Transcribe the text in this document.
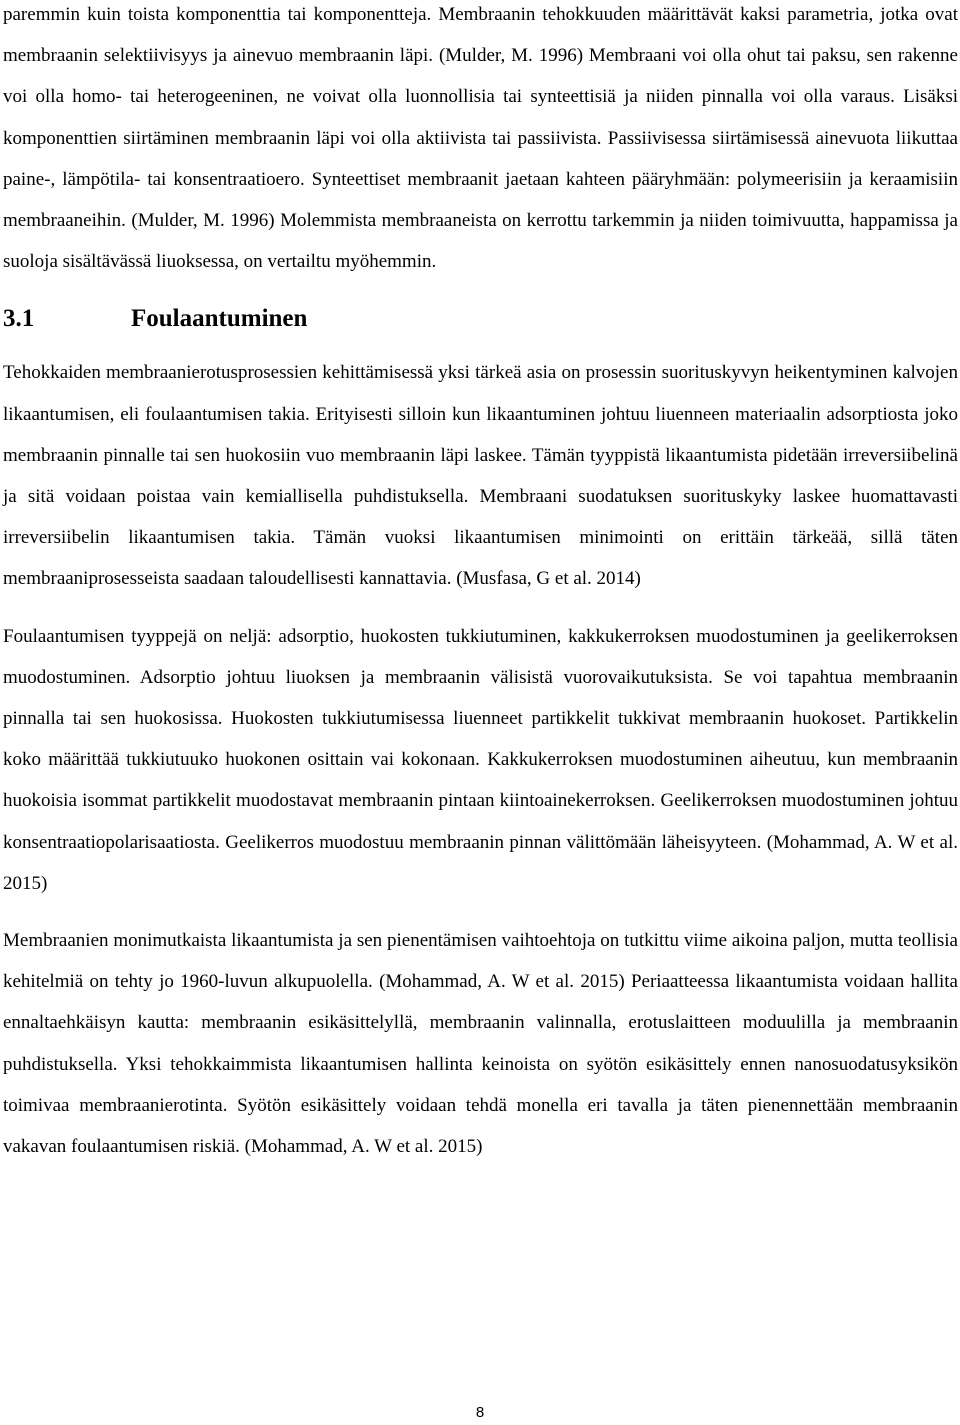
paremmin kuin toista komponenttia tai komponentteja. Membraanin tehokkuuden määrittävät kaksi parametria, jotka ovat membraanin selektiivisyys ja ainevuo membraanin läpi. (Mulder, M. 1996) Membraani voi olla ohut tai paksu, sen rakenne voi olla homo- tai heterogeeninen, ne voivat olla luonnollisia tai synteettisiä ja niiden pinnalla voi olla varaus. Lisäksi komponenttien siirtäminen membraanin läpi voi olla aktiivista tai passiivista. Passiivisessa siirtämisessä ainevuota liikuttaa paine-, lämpötila- tai konsentraatioero. Synteettiset membraanit jaetaan kahteen pääryhmään: polymeerisiin ja keraamisiin membraaneihin. (Mulder, M. 1996) Molemmista membraaneista on kerrottu tarkemmin ja niiden toimivuutta, happamissa ja suoloja sisältävässä liuoksessa, on vertailtu myöhemmin.

3.1	Foulaantuminen

Tehokkaiden membraanierotusprosessien kehittämisessä yksi tärkeä asia on prosessin suorituskyvyn heikentyminen kalvojen likaantumisen, eli foulaantumisen takia. Erityisesti silloin kun likaantuminen johtuu liuenneen materiaalin adsorptiosta joko membraanin pinnalle tai sen huokosiin vuo membraanin läpi laskee. Tämän tyyppistä likaantumista pidetään irreversiibelinä ja sitä voidaan poistaa vain kemiallisella puhdistuksella. Membraani suodatuksen suorituskyky laskee huomattavasti irreversiibelin likaantumisen takia. Tämän vuoksi likaantumisen minimointi on erittäin tärkeää, sillä täten membraaniprosesseista saadaan taloudellisesti kannattavia. (Musfasa, G et al. 2014)

Foulaantumisen tyyppejä on neljä: adsorptio, huokosten tukkiutuminen, kakkukerroksen muodostuminen ja geelikerroksen muodostuminen. Adsorptio johtuu liuoksen ja membraanin välisistä vuorovaikutuksista. Se voi tapahtua membraanin pinnalla tai sen huokosissa. Huokosten tukkiutumisessa liuenneet partikkelit tukkivat membraanin huokoset. Partikkelin koko määrittää tukkiutuuko huokonen osittain vai kokonaan. Kakkukerroksen muodostuminen aiheutuu, kun membraanin huokoisia isommat partikkelit muodostavat membraanin pintaan kiintoainekerroksen. Geelikerroksen muodostuminen johtuu konsentraatiopolarisaatiosta. Geelikerros muodostuu membraanin pinnan välittömään läheisyyteen. (Mohammad, A. W et al. 2015)

Membraanien monimutkaista likaantumista ja sen pienentämisen vaihtoehtoja on tutkittu viime aikoina paljon, mutta teollisia kehitelmiä on tehty jo 1960-luvun alkupuolella. (Mohammad, A. W et al. 2015) Periaatteessa likaantumista voidaan hallita ennaltaehkäisyn kautta: membraanin esikäsittelyllä, membraanin valinnalla, erotuslaitteen moduulilla ja membraanin puhdistuksella. Yksi tehokkaimmista likaantumisen hallinta keinoista on syötön esikäsittely ennen nanosuodatusyksikön toimivaa membraanierotinta. Syötön esikäsittely voidaan tehdä monella eri tavalla ja täten pienennettään membraanin vakavan foulaantumisen riskiä. (Mohammad, A. W et al. 2015)

8
